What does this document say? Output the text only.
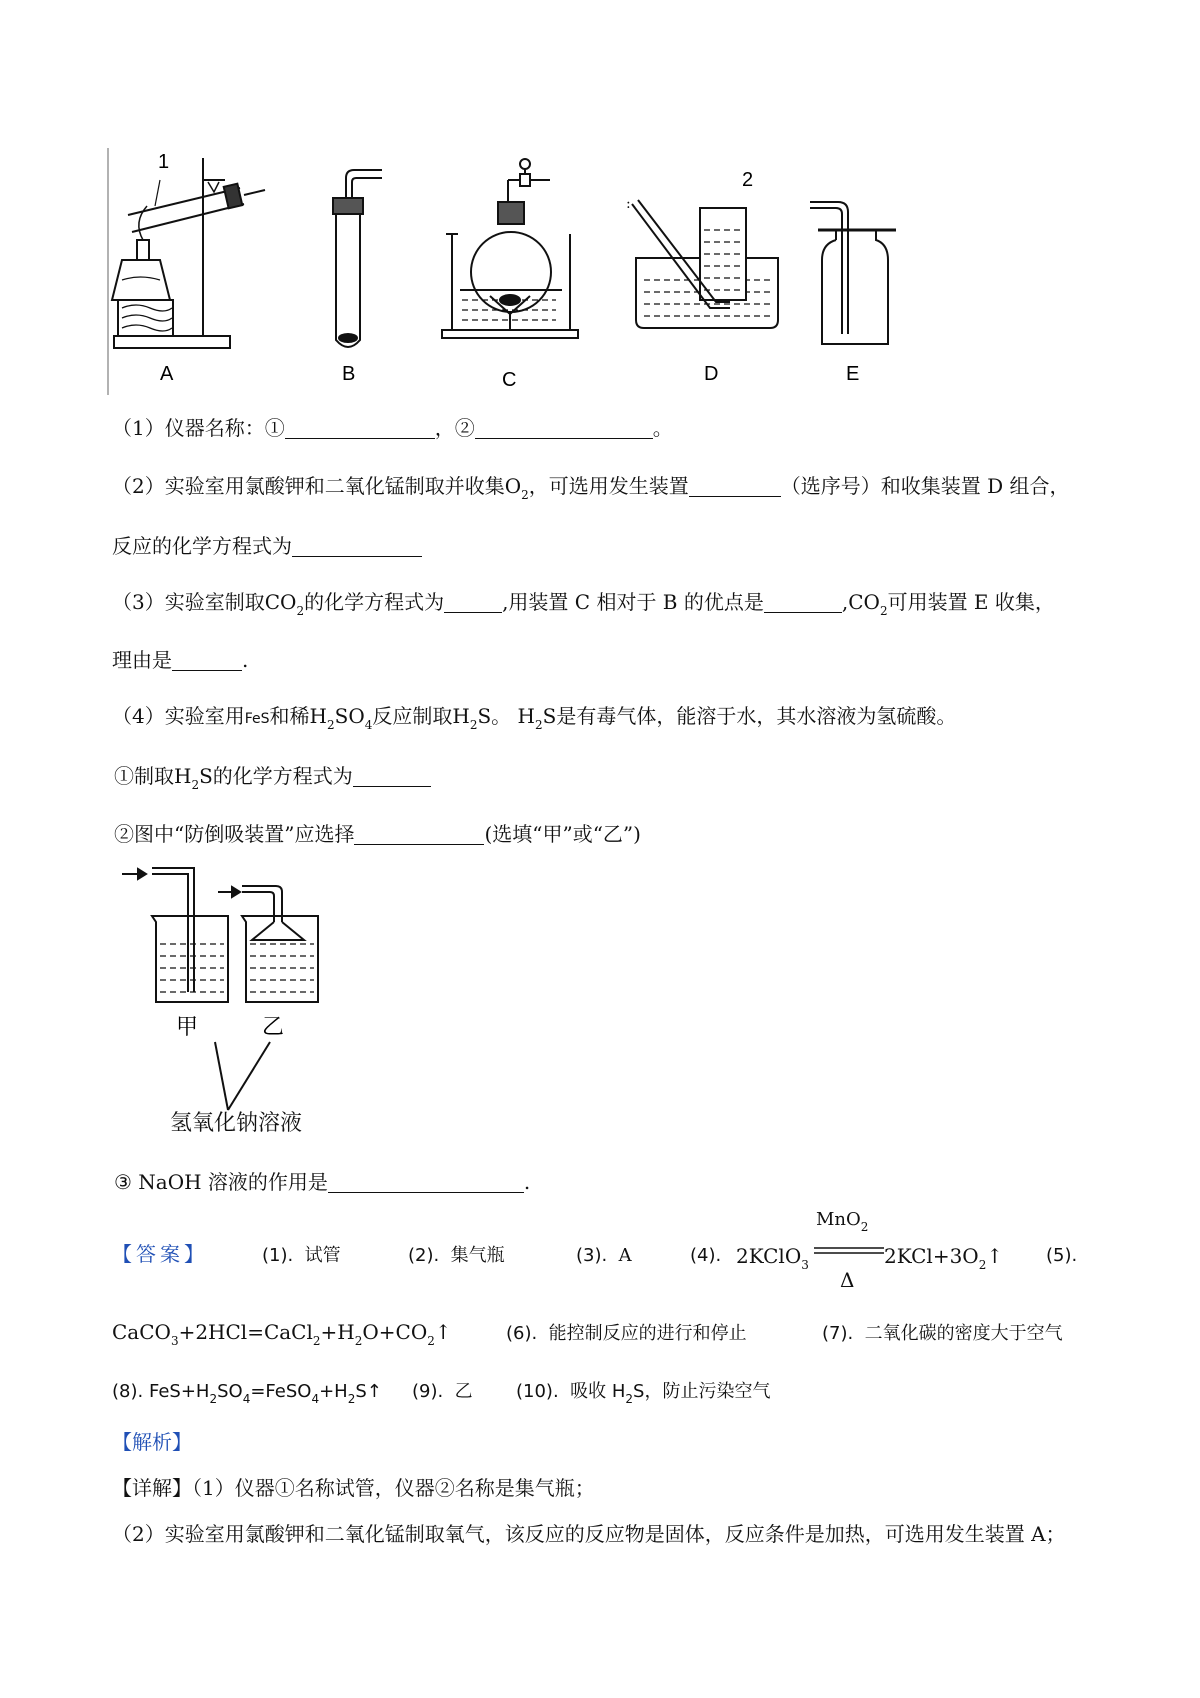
1
A	B	C
:
2
D	E
（1）仪器名称：①	，②	。
（2）实验室用氯酸钾和二氧化锰制取并收集$O_2$，可选用发生装置	（选序号）和收集装置 D 组合，
反应的化学方程式为
（3）实验室制取$CO_2$的化学方程式为	,用装置 C 相对于 B 的优点是	$,CO_2$可用装置 E 收集，
理由是	.
（4）实验室用FeS和稀$H_2SO_4$反应制取$H_2S$。 $H_2S$是有毒气体，能溶于水，其水溶液为氢硫酸。
①制取$H_2S$的化学方程式为
②图中“防倒吸装置”应选择	(选填“甲”或“乙”)
甲	乙
氢氧化钠溶液
③ NaOH 溶液的作用是	.
【答案】	(1). 试管	(2). 集气瓶	(3). A	(4). 2KClO$_3$
MnO$_2$
Δ
$2KCl+3O_2↑$ (5).
$CaCO_3+2HCl=CaCl_2+H_2O+CO_2↑$	(6). 能控制反应的进行和停止	(7). 二氧化碳的密度大于空气
(8). $FeS+H_2SO_4=FeSO_4+H_2S↑$ (9). 乙 (10). 吸收 $H_2S$，防止污染空气
【解析】
【详解】（1）仪器①名称试管，仪器②名称是集气瓶；
（2）实验室用氯酸钾和二氧化锰制取氧气，该反应的反应物是固体，反应条件是加热，可选用发生装置 A；
